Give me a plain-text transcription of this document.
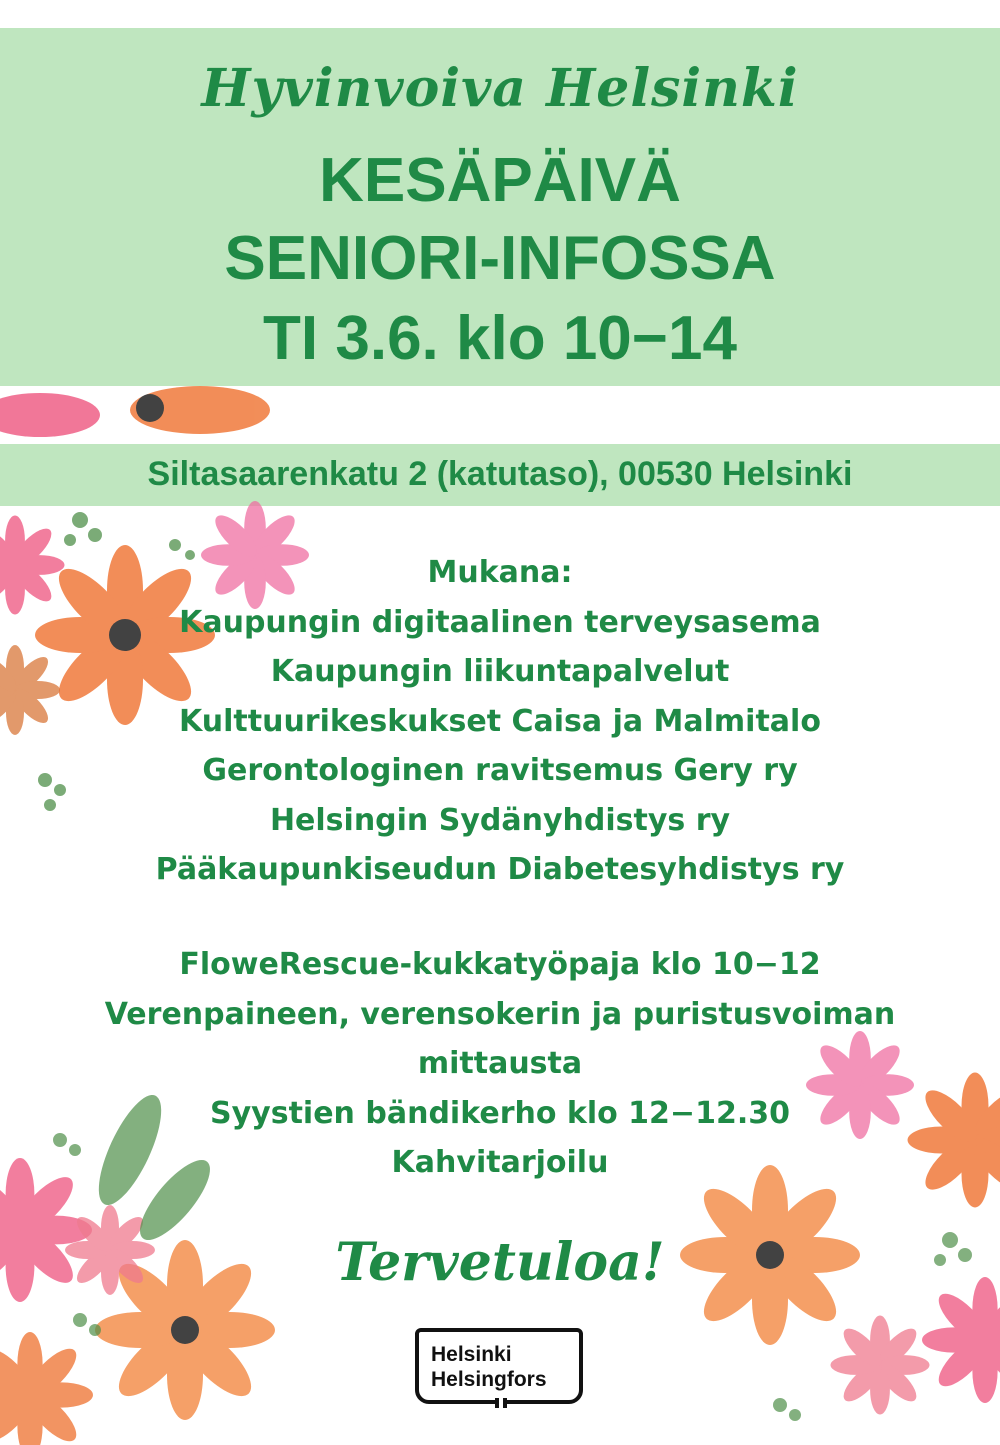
Hyvinvoiva Helsinki
KESÄPÄIVÄ
SENIORI-INFOSSA
TI 3.6. klo 10−14
Siltasaarenkatu 2 (katutaso), 00530 Helsinki
Mukana:
Kaupungin digitaalinen terveysasema
Kaupungin liikuntapalvelut
Kulttuurikeskukset Caisa ja Malmitalo
Gerontologinen ravitsemus Gery ry
Helsingin Sydänyhdistys ry
Pääkaupunkiseudun Diabetesyhdistys ry
FloweRescue-kukkatyöpaja klo 10−12
Verenpaineen, verensokerin ja puristusvoiman
mittausta
Syystien bändikerho klo 12−12.30
Kahvitarjoilu
Tervetuloa!
Helsinki
Helsingfors
